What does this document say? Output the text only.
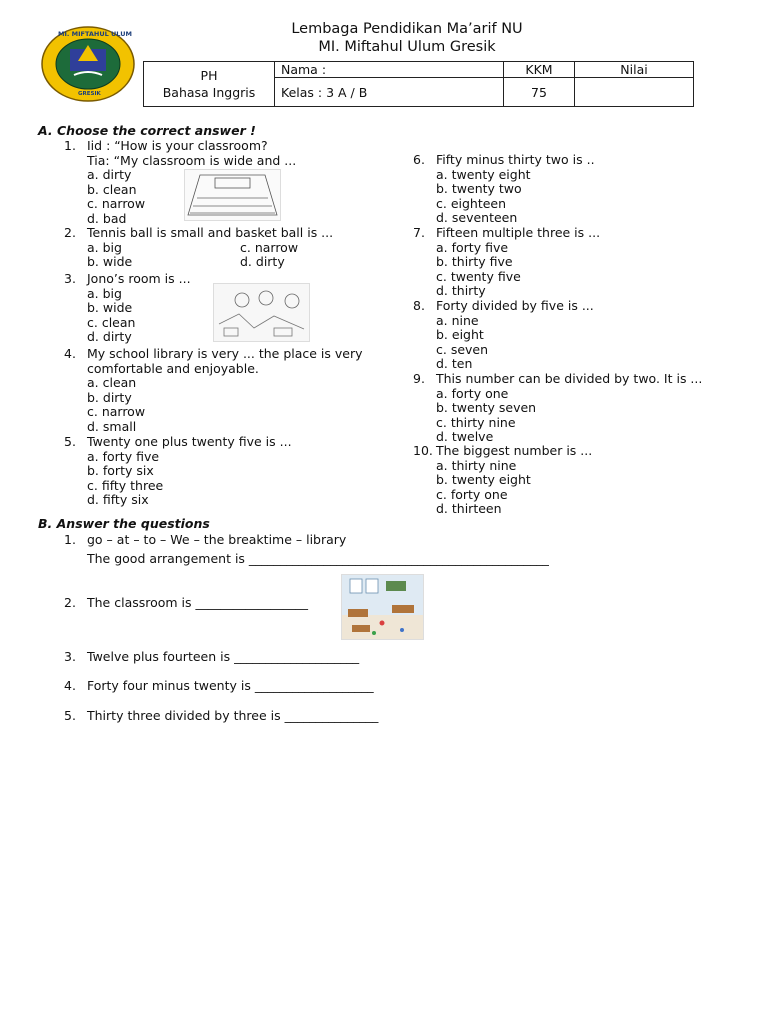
MI. MIFTAHUL ULUM
GRESIK
Lembaga Pendidikan Ma’arif NU
MI. Miftahul Ulum Gresik
PH
Bahasa Inggris	Nama :	KKM	Nilai
	Kelas : 3 A / B	75	
A. Choose the correct answer !
1. Iid : “How is your classroom?
Tia: “My classroom is wide and ...
a. dirty
b. clean
c. narrow
d. bad
2. Tennis ball is small and basket ball is ...
a. big	c. narrow
b. wide	d. dirty
3. Jono’s room is ...
a. big
b. wide
c. clean
d. dirty
4. My school library is very ... the place is very
comfortable and enjoyable.
a. clean
b. dirty
c. narrow
d. small
5. Twenty one plus twenty five is ...
a. forty five
b. forty six
c. fifty three
d. fifty six
6. Fifty minus thirty two is ..
a. twenty eight
b. twenty two
c. eighteen
d. seventeen
7. Fifteen multiple three is ...
a. forty five
b. thirty five
c. twenty five
d. thirty
8. Forty divided by five is ...
a. nine
b. eight
c. seven
d. ten
9. This number can be divided by two. It is ...
a. forty one
b. twenty seven
c. thirty nine
d. twelve
10. The biggest number is ...
a. thirty nine
b. twenty eight
c. forty one
d. thirteen
B. Answer the questions
1. go – at – to – We – the breaktime – library
The good arrangement is ________________________________________________
2. The classroom is __________________
3. Twelve plus fourteen is ____________________
4. Forty four minus twenty is ___________________
5. Thirty three divided by three is _______________
